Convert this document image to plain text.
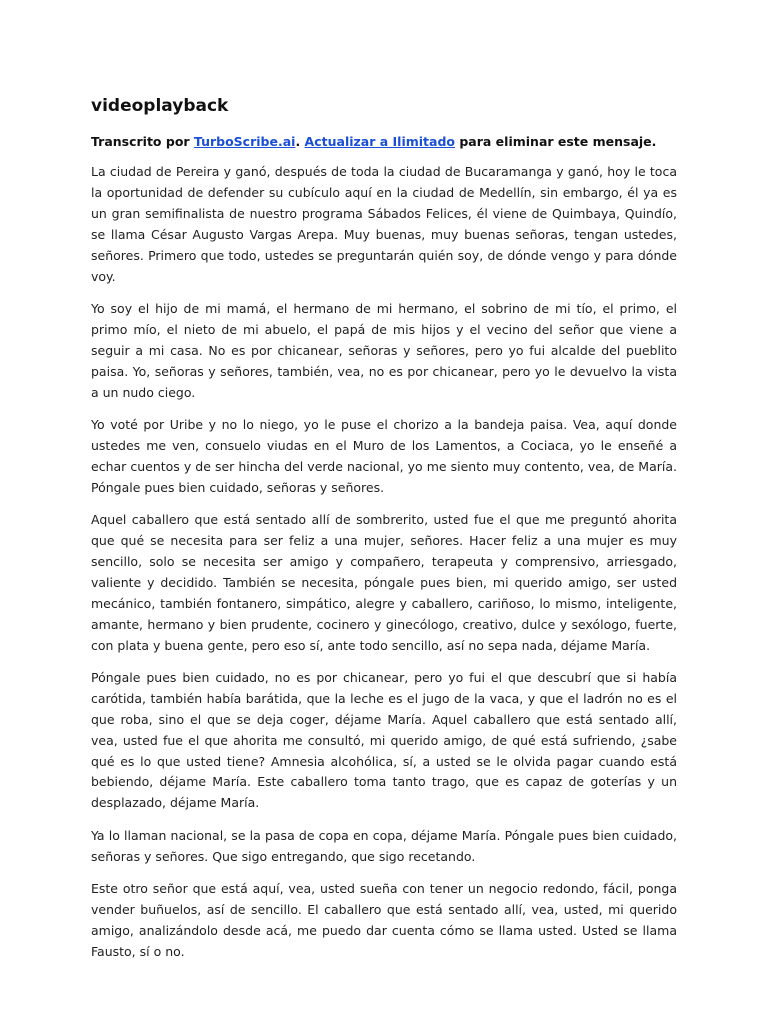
videoplayback

Transcrito por TurboScribe.ai. Actualizar a Ilimitado para eliminar este mensaje.

La ciudad de Pereira y ganó, después de toda la ciudad de Bucaramanga y ganó, hoy le toca la oportunidad de defender su cubículo aquí en la ciudad de Medellín, sin embargo, él ya es un gran semifinalista de nuestro programa Sábados Felices, él viene de Quimbaya, Quindío, se llama César Augusto Vargas Arepa. Muy buenas, muy buenas señoras, tengan ustedes, señores. Primero que todo, ustedes se preguntarán quién soy, de dónde vengo y para dónde voy.

Yo soy el hijo de mi mamá, el hermano de mi hermano, el sobrino de mi tío, el primo, el primo mío, el nieto de mi abuelo, el papá de mis hijos y el vecino del señor que viene a seguir a mi casa. No es por chicanear, señoras y señores, pero yo fui alcalde del pueblito paisa. Yo, señoras y señores, también, vea, no es por chicanear, pero yo le devuelvo la vista a un nudo ciego.

Yo voté por Uribe y no lo niego, yo le puse el chorizo a la bandeja paisa. Vea, aquí donde ustedes me ven, consuelo viudas en el Muro de los Lamentos, a Cociaca, yo le enseñé a echar cuentos y de ser hincha del verde nacional, yo me siento muy contento, vea, de María. Póngale pues bien cuidado, señoras y señores.

Aquel caballero que está sentado allí de sombrerito, usted fue el que me preguntó ahorita que qué se necesita para ser feliz a una mujer, señores. Hacer feliz a una mujer es muy sencillo, solo se necesita ser amigo y compañero, terapeuta y comprensivo, arriesgado, valiente y decidido. También se necesita, póngale pues bien, mi querido amigo, ser usted mecánico, también fontanero, simpático, alegre y caballero, cariñoso, lo mismo, inteligente, amante, hermano y bien prudente, cocinero y ginecólogo, creativo, dulce y sexólogo, fuerte, con plata y buena gente, pero eso sí, ante todo sencillo, así no sepa nada, déjame María.

Póngale pues bien cuidado, no es por chicanear, pero yo fui el que descubrí que si había carótida, también había barátida, que la leche es el jugo de la vaca, y que el ladrón no es el que roba, sino el que se deja coger, déjame María. Aquel caballero que está sentado allí, vea, usted fue el que ahorita me consultó, mi querido amigo, de qué está sufriendo, ¿sabe qué es lo que usted tiene? Amnesia alcohólica, sí, a usted se le olvida pagar cuando está bebiendo, déjame María. Este caballero toma tanto trago, que es capaz de goterías y un desplazado, déjame María.

Ya lo llaman nacional, se la pasa de copa en copa, déjame María. Póngale pues bien cuidado, señoras y señores. Que sigo entregando, que sigo recetando.

Este otro señor que está aquí, vea, usted sueña con tener un negocio redondo, fácil, ponga vender buñuelos, así de sencillo. El caballero que está sentado allí, vea, usted, mi querido amigo, analizándolo desde acá, me puedo dar cuenta cómo se llama usted. Usted se llama Fausto, sí o no.
